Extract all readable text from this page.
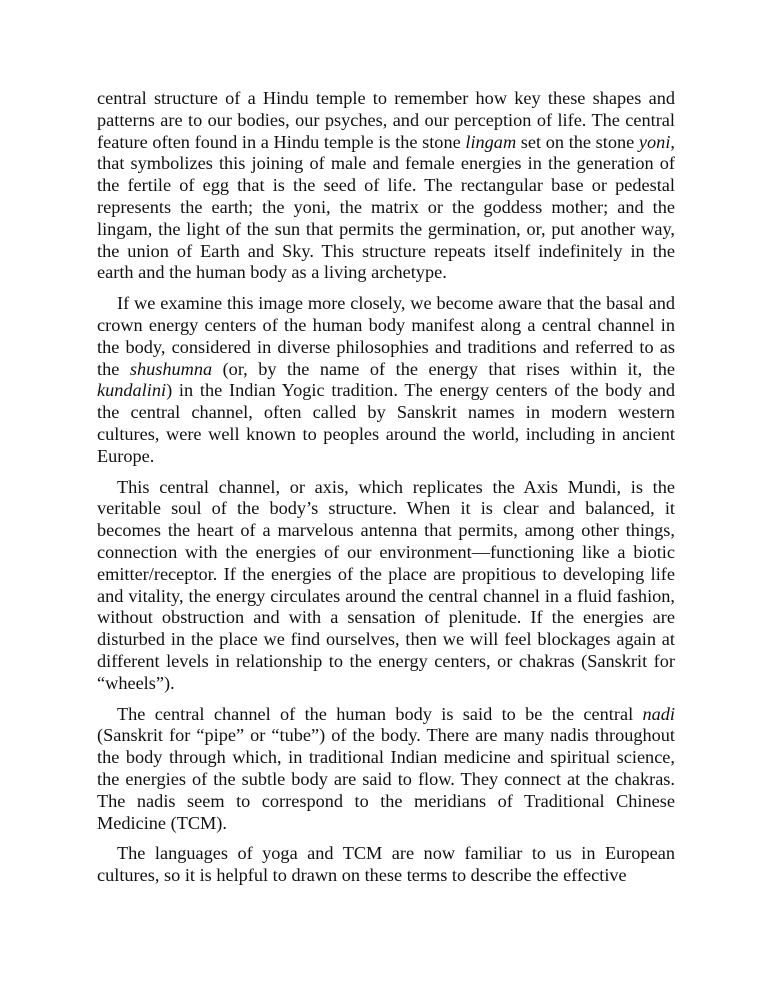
central structure of a Hindu temple to remember how key these shapes and patterns are to our bodies, our psyches, and our perception of life. The central feature often found in a Hindu temple is the stone lingam set on the stone yoni, that symbolizes this joining of male and female energies in the generation of the fertile of egg that is the seed of life. The rectangular base or pedestal represents the earth; the yoni, the matrix or the goddess mother; and the lingam, the light of the sun that permits the germination, or, put another way, the union of Earth and Sky. This structure repeats itself indefinitely in the earth and the human body as a living archetype.

If we examine this image more closely, we become aware that the basal and crown energy centers of the human body manifest along a central channel in the body, considered in diverse philosophies and traditions and referred to as the shushumna (or, by the name of the energy that rises within it, the kundalini) in the Indian Yogic tradition. The energy centers of the body and the central channel, often called by Sanskrit names in modern western cultures, were well known to peoples around the world, including in ancient Europe.

This central channel, or axis, which replicates the Axis Mundi, is the veritable soul of the body’s structure. When it is clear and balanced, it becomes the heart of a marvelous antenna that permits, among other things, connection with the energies of our environment—functioning like a biotic emitter/receptor. If the energies of the place are propitious to developing life and vitality, the energy circulates around the central channel in a fluid fashion, without obstruction and with a sensation of plenitude. If the energies are disturbed in the place we find ourselves, then we will feel blockages again at different levels in relationship to the energy centers, or chakras (Sanskrit for “wheels”).

The central channel of the human body is said to be the central nadi (Sanskrit for “pipe” or “tube”) of the body. There are many nadis throughout the body through which, in traditional Indian medicine and spiritual science, the energies of the subtle body are said to flow. They connect at the chakras. The nadis seem to correspond to the meridians of Traditional Chinese Medicine (TCM).

The languages of yoga and TCM are now familiar to us in European cultures, so it is helpful to drawn on these terms to describe the effective
